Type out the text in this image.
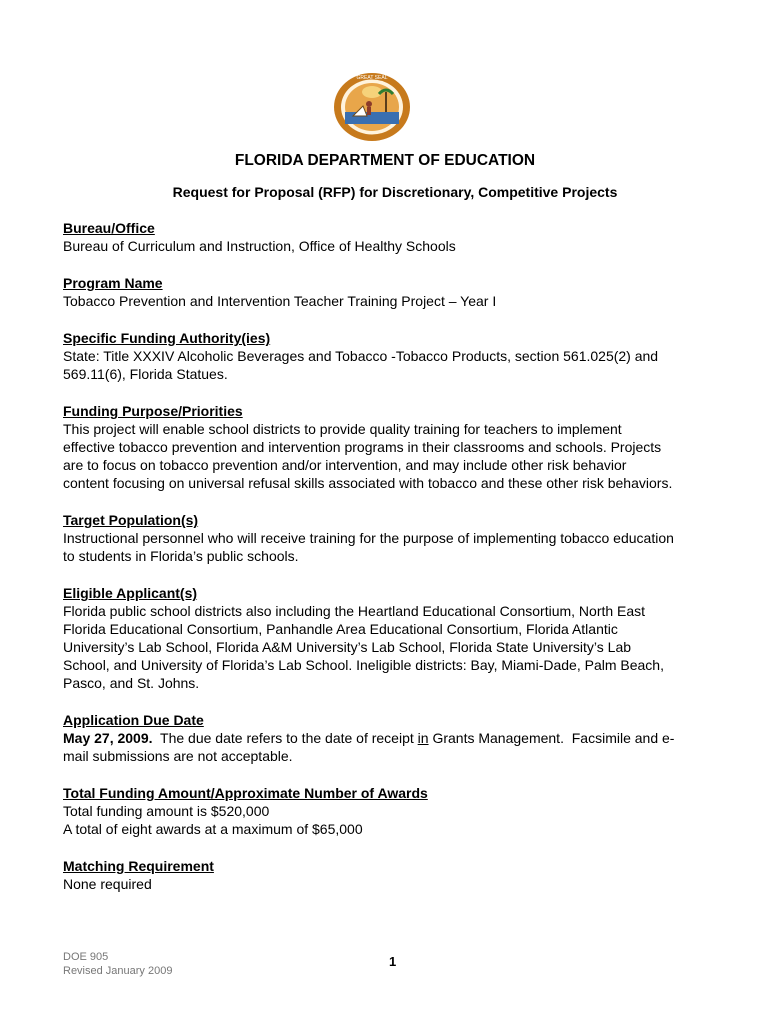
GREAT SEAL
FLORIDA DEPARTMENT OF EDUCATION
Request for Proposal (RFP) for Discretionary, Competitive Projects
Bureau/Office
Bureau of Curriculum and Instruction, Office of Healthy Schools
Program Name
Tobacco Prevention and Intervention Teacher Training Project – Year I
Specific Funding Authority(ies)
State: Title XXXIV Alcoholic Beverages and Tobacco -Tobacco Products, section 561.025(2) and
569.11(6), Florida Statues.
Funding Purpose/Priorities
This project will enable school districts to provide quality training for teachers to implement
effective tobacco prevention and intervention programs in their classrooms and schools. Projects
are to focus on tobacco prevention and/or intervention, and may include other risk behavior
content focusing on universal refusal skills associated with tobacco and these other risk behaviors.
Target Population(s)
Instructional personnel who will receive training for the purpose of implementing tobacco education
to students in Florida’s public schools.
Eligible Applicant(s)
Florida public school districts also including the Heartland Educational Consortium, North East
Florida Educational Consortium, Panhandle Area Educational Consortium, Florida Atlantic
University’s Lab School, Florida A&M University’s Lab School, Florida State University’s Lab
School, and University of Florida’s Lab School. Ineligible districts: Bay, Miami-Dade, Palm Beach,
Pasco, and St. Johns.
Application Due Date
May 27, 2009.  The due date refers to the date of receipt in Grants Management.  Facsimile and e-
mail submissions are not acceptable.
Total Funding Amount/Approximate Number of Awards
Total funding amount is $520,000
A total of eight awards at a maximum of $65,000
Matching Requirement
None required
DOE 905
Revised January 2009
1
